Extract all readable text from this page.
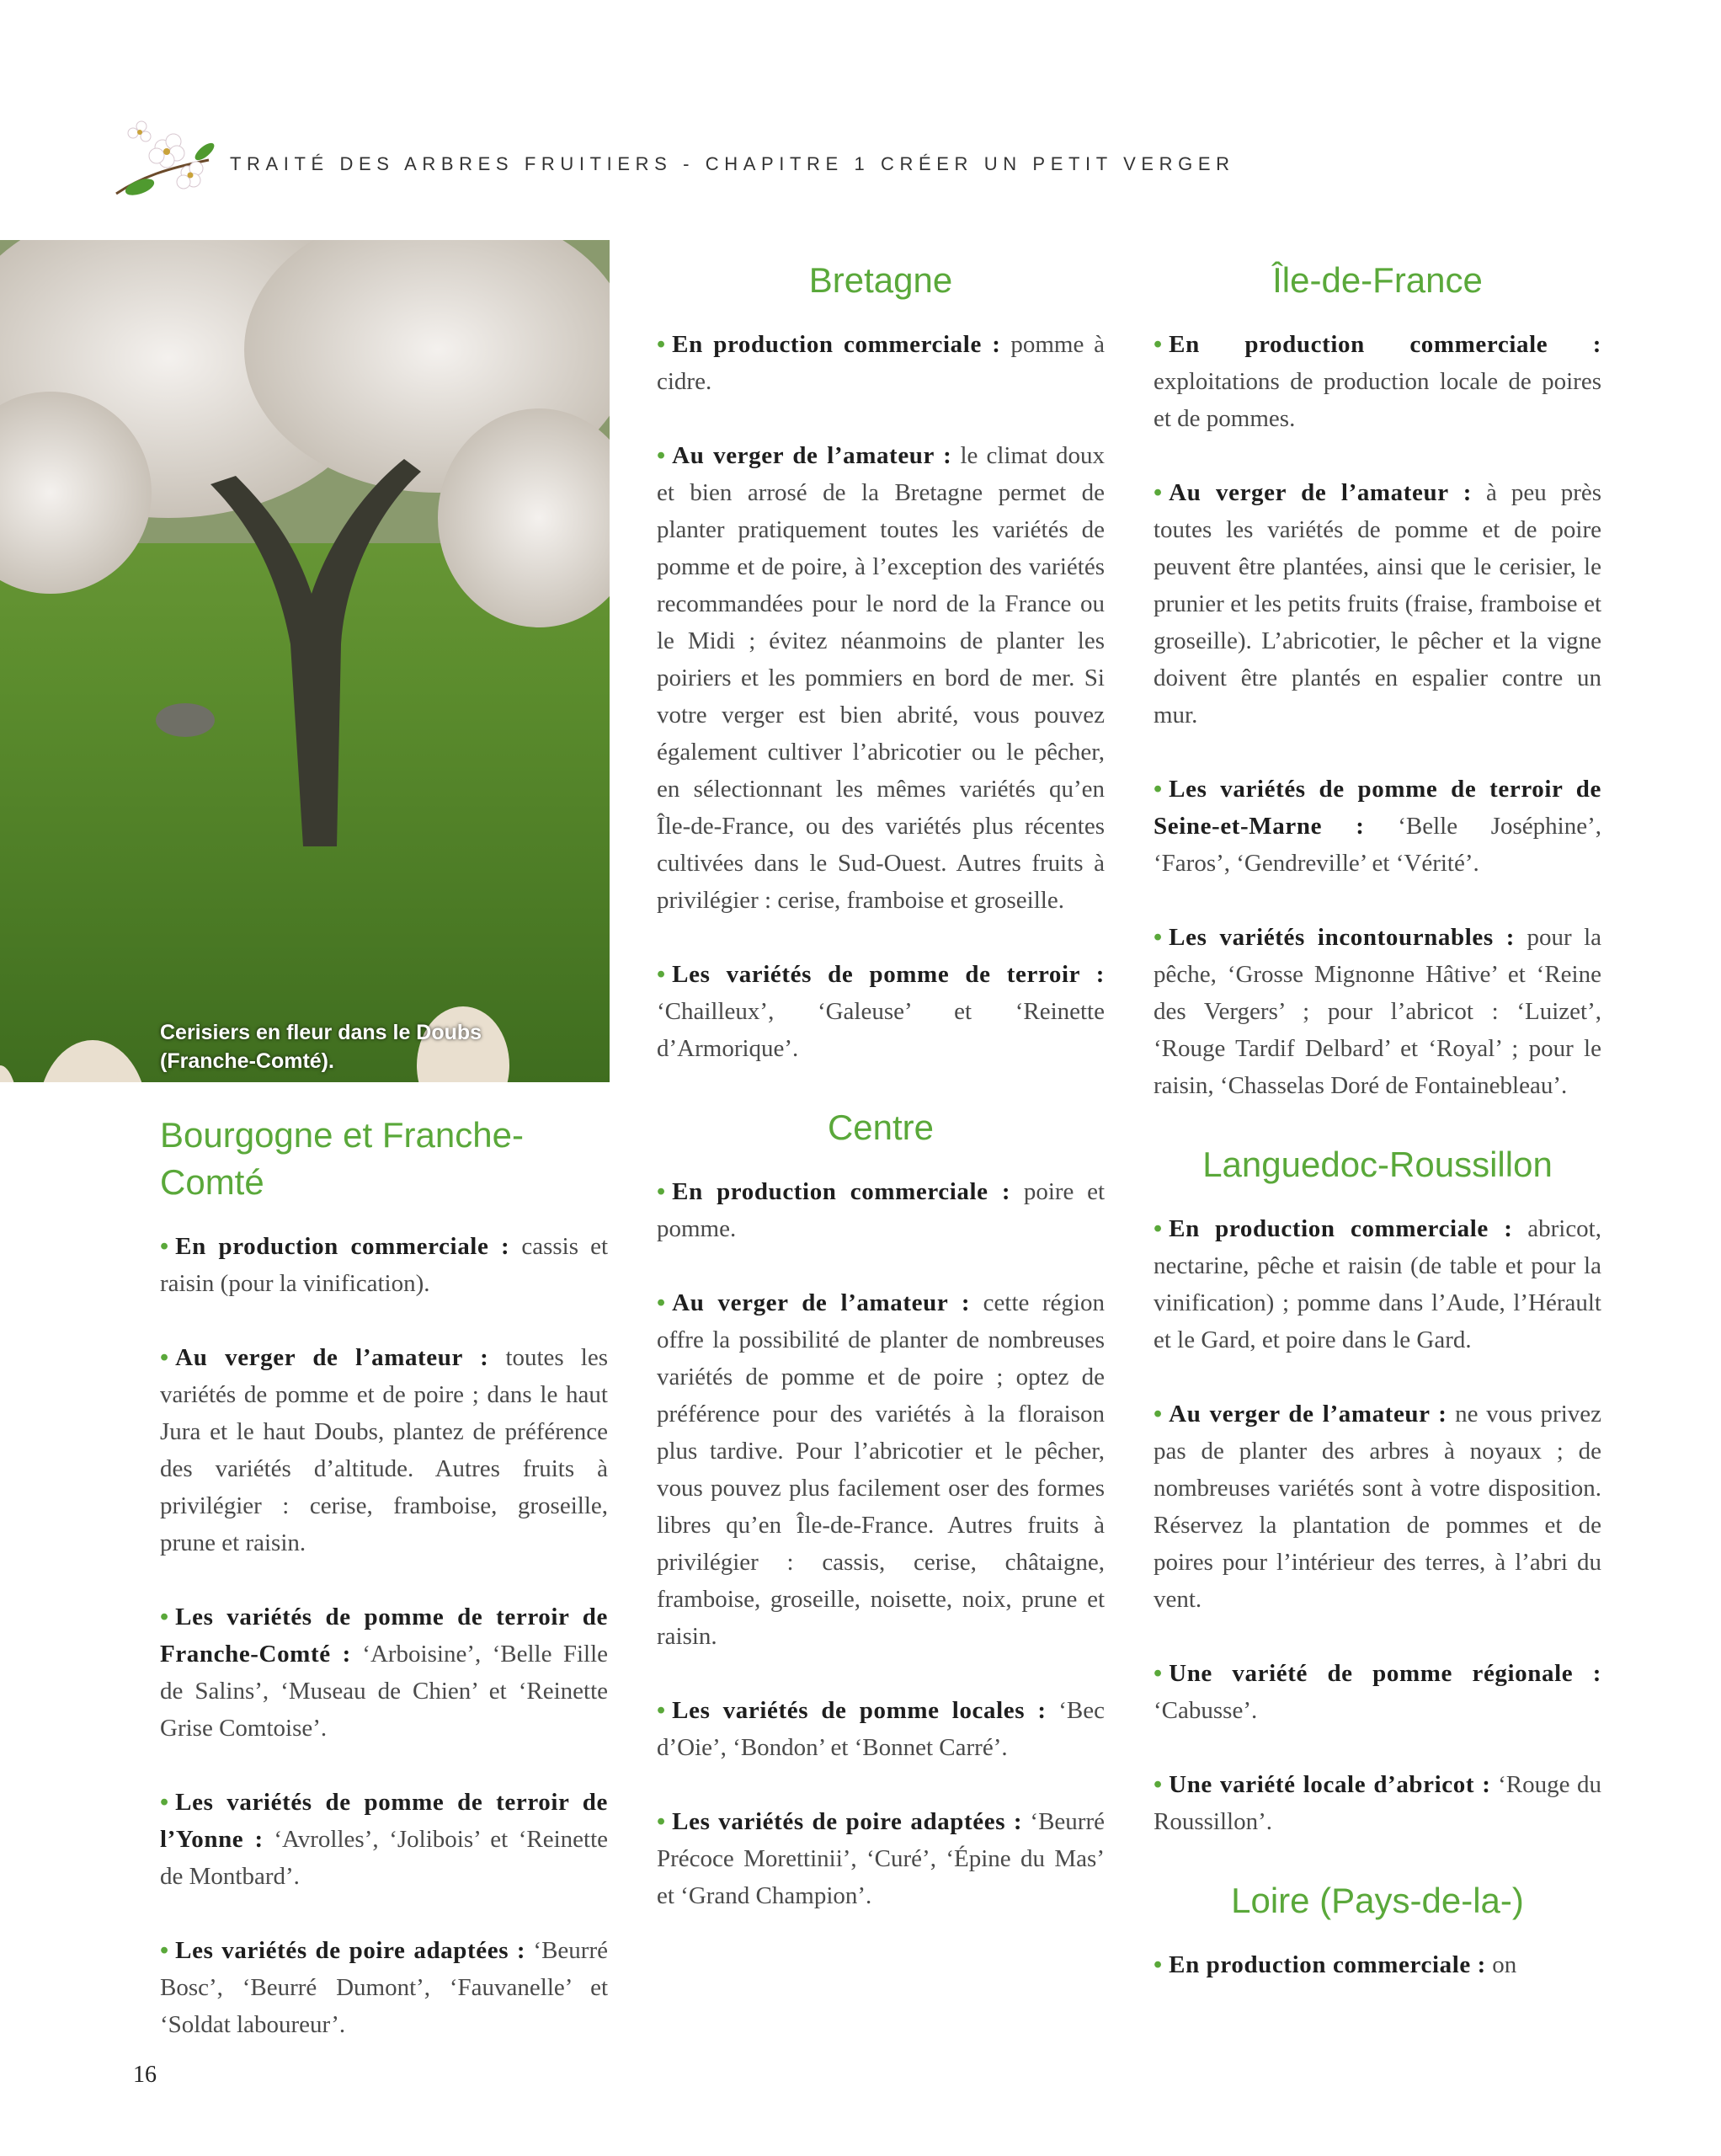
TRAITÉ DES ARBRES FRUITIERS - CHAPITRE 1 CRÉER UN PETIT VERGER
Cerisiers en fleur dans le Doubs
(Franche-Comté).
Bourgogne et Franche-Comté

• En production commerciale : cassis et raisin (pour la vinification).

• Au verger de l’amateur : toutes les variétés de pomme et de poire ; dans le haut Jura et le haut Doubs, plantez de préférence des variétés d’altitude. Autres fruits à privilégier : cerise, framboise, groseille, prune et raisin.

• Les variétés de pomme de terroir de Franche-Comté : ‘Arboisine’, ‘Belle Fille de Salins’, ‘Museau de Chien’ et ‘Reinette Grise Comtoise’.

• Les variétés de pomme de terroir de l’Yonne : ‘Avrolles’, ‘Jolibois’ et ‘Reinette de Montbard’.

• Les variétés de poire adaptées : ‘Beurré Bosc’, ‘Beurré Dumont’, ‘Fauvanelle’ et ‘Soldat laboureur’.

Bretagne

• En production commerciale : pomme à cidre.

• Au verger de l’amateur : le climat doux et bien arrosé de la Bretagne permet de planter pratiquement toutes les variétés de pomme et de poire, à l’exception des variétés recommandées pour le nord de la France ou le Midi ; évitez néanmoins de planter les poiriers et les pommiers en bord de mer. Si votre verger est bien abrité, vous pouvez également cultiver l’abricotier ou le pêcher, en sélectionnant les mêmes variétés qu’en Île-de-France, ou des variétés plus récentes cultivées dans le Sud-Ouest. Autres fruits à privilégier : cerise, framboise et groseille.

• Les variétés de pomme de terroir : ‘Chailleux’, ‘Galeuse’ et ‘Reinette d’Armorique’.

Centre

• En production commerciale : poire et pomme.

• Au verger de l’amateur : cette région offre la possibilité de planter de nombreuses variétés de pomme et de poire ; optez de préférence pour des variétés à la floraison plus tardive. Pour l’abricotier et le pêcher, vous pouvez plus facilement oser des formes libres qu’en Île-de-France. Autres fruits à privilégier : cassis, cerise, châtaigne, framboise, groseille, noisette, noix, prune et raisin.

• Les variétés de pomme locales : ‘Bec d’Oie’, ‘Bondon’ et ‘Bonnet Carré’.

• Les variétés de poire adaptées : ‘Beurré Précoce Morettinii’, ‘Curé’, ‘Épine du Mas’ et ‘Grand Champion’.

Île-de-France

• En production commerciale : exploitations de production locale de poires et de pommes.

• Au verger de l’amateur : à peu près toutes les variétés de pomme et de poire peuvent être plantées, ainsi que le cerisier, le prunier et les petits fruits (fraise, framboise et groseille). L’abricotier, le pêcher et la vigne doivent être plantés en espalier contre un mur.

• Les variétés de pomme de terroir de Seine-et-Marne : ‘Belle Joséphine’, ‘Faros’, ‘Gendreville’ et ‘Vérité’.

• Les variétés incontournables : pour la pêche, ‘Grosse Mignonne Hâtive’ et ‘Reine des Vergers’ ; pour l’abricot : ‘Luizet’, ‘Rouge Tardif Delbard’ et ‘Royal’ ; pour le raisin, ‘Chasselas Doré de Fontainebleau’.

Languedoc-Roussillon

• En production commerciale : abricot, nectarine, pêche et raisin (de table et pour la vinification) ; pomme dans l’Aude, l’Hérault et le Gard, et poire dans le Gard.

• Au verger de l’amateur : ne vous privez pas de planter des arbres à noyaux ; de nombreuses variétés sont à votre disposition. Réservez la plantation de pommes et de poires pour l’intérieur des terres, à l’abri du vent.

• Une variété de pomme régionale : ‘Cabusse’.

• Une variété locale d’abricot : ‘Rouge du Roussillon’.

Loire (Pays-de-la-)

• En production commerciale : on

16
